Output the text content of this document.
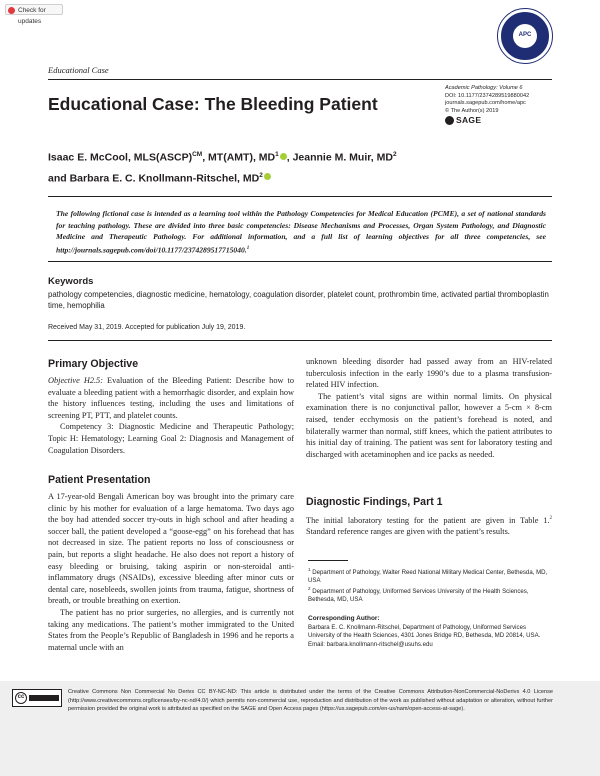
Check for updates
Educational Case
APC
Academic Pathology: Volume 6
DOI: 10.1177/2374289519880042
journals.sagepub.com/home/apc
© The Author(s) 2019
SAGE
Educational Case: The Bleeding Patient
Isaac E. McCool, MLS(ASCP)$^{CM}$, MT(AMT), $MD^1$ , Jeannie M. Muir, $MD^2$
and Barbara E. C. Knollmann-Ritschel, $MD^2$
The following fictional case is intended as a learning tool within the Pathology Competencies for Medical Education (PCME), a set of national standards for teaching pathology. These are divided into three basic competencies: Disease Mechanisms and Processes, Organ System Pathology, and Diagnostic Medicine and Therapeutic Pathology. For additional information, and a full list of learning objectives for all three competencies, see http://journals.sagepub.com/doi/10.1177/2374289517715040.$^1$
Keywords
pathology competencies, diagnostic medicine, hematology, coagulation disorder, platelet count, prothrombin time, activated partial thromboplastin time, hemophilia
Received May 31, 2019. Accepted for publication July 19, 2019.
Primary Objective

Objective H2.5: Evaluation of the Bleeding Patient: Describe how to evaluate a bleeding patient with a hemorrhagic disorder, and explain how the history influences testing, including the uses and limitations of screening PT, PTT, and platelet counts.

Competency 3: Diagnostic Medicine and Therapeutic Pathology; Topic H: Hematology; Learning Goal 2: Diagnosis and Management of Coagulation Disorders.

Patient Presentation

A 17-year-old Bengali American boy was brought into the primary care clinic by his mother for evaluation of a large hematoma. Two days ago the boy had attended soccer try-outs in high school and after heading a soccer ball, the patient developed a “goose-egg” on his forehead that has not decreased in size. The patient reports no loss of consciousness or pain, but reports a slight headache. He also does not report a history of easy bleeding or bruising, taking aspirin or non-steroidal anti-inflammatory drugs (NSAIDs), excessive bleeding after minor cuts or dental care, nosebleeds, swollen joints from trauma, fatigue, shortness of breath, or trouble breathing on exertion.

The patient has no prior surgeries, no allergies, and is currently not taking any medications. The patient’s mother immigrated to the United States from the People’s Republic of Bangladesh in 1996 and he reports a maternal uncle with an

unknown bleeding disorder had passed away from an HIV-related tuberculosis infection in the early 1990’s due to a plasma transfusion-related HIV infection.

The patient’s vital signs are within normal limits. On physical examination there is no conjunctival pallor, however a 5-cm × 8-cm raised, tender ecchymosis on the patient’s forehead is noted, and bilaterally warmer than normal, stiff knees, which the patient attributes to his initial day of training. The patient was sent for laboratory testing and discharged with acetaminophen and ice packs as needed.

Diagnostic Findings, Part 1

The initial laboratory testing for the patient are given in Table 1.$^2$ Standard reference ranges are given with the patient’s results.

$^1$ Department of Pathology, Walter Reed National Military Medical Center, Bethesda, MD, USA
$^2$ Department of Pathology, Uniformed Services University of the Health Sciences, Bethesda, MD, USA
Corresponding Author:
Barbara E. C. Knollmann-Ritschel, Department of Pathology, Uniformed Services University of the Health Sciences, 4301 Jones Bridge RD, Bethesda, MD 20814, USA.
Email: barbara.knollmann-ritschel@usuhs.edu
cc
Creative Commons Non Commercial No Derivs CC BY-NC-ND: This article is distributed under the terms of the Creative Commons Attribution-NonCommercial-NoDerivs 4.0 License (http://www.creativecommons.org/licenses/by-nc-nd/4.0/) which permits non-commercial use, reproduction and distribution of the work as published without adaptation or alteration, without further permission provided the original work is attributed as specified on the SAGE and Open Access pages (https://us.sagepub.com/en-us/nam/open-access-at-sage).
